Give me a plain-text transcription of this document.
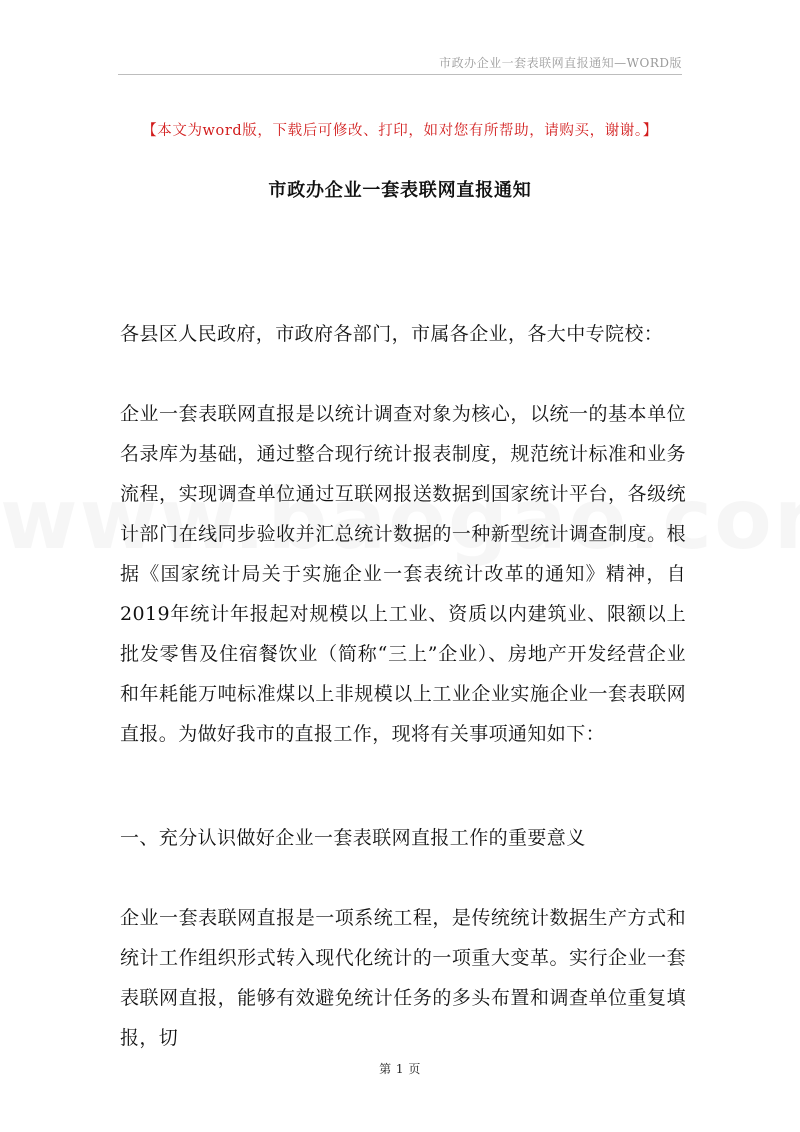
市政办企业一套表联网直报通知—WORD版
【本文为word版，下载后可修改、打印，如对您有所帮助，请购买，谢谢。】
市政办企业一套表联网直报通知
各县区人民政府，市政府各部门，市属各企业，各大中专院校：
企业一套表联网直报是以统计调查对象为核心，以统一的基本单位名录库为基础，通过整合现行统计报表制度，规范统计标准和业务流程，实现调查单位通过互联网报送数据到国家统计平台，各级统计部门在线同步验收并汇总统计数据的一种新型统计调查制度。根据《国家统计局关于实施企业一套表统计改革的通知》精神，自2019年统计年报起对规模以上工业、资质以内建筑业、限额以上批发零售及住宿餐饮业（简称“三上”企业）、房地产开发经营企业和年耗能万吨标准煤以上非规模以上工业企业实施企业一套表联网直报。为做好我市的直报工作，现将有关事项通知如下：
一、充分认识做好企业一套表联网直报工作的重要意义
企业一套表联网直报是一项系统工程，是传统统计数据生产方式和统计工作组织形式转入现代化统计的一项重大变革。实行企业一套表联网直报，能够有效避免统计任务的多头布置和调查单位重复填报，切
第 1 页
